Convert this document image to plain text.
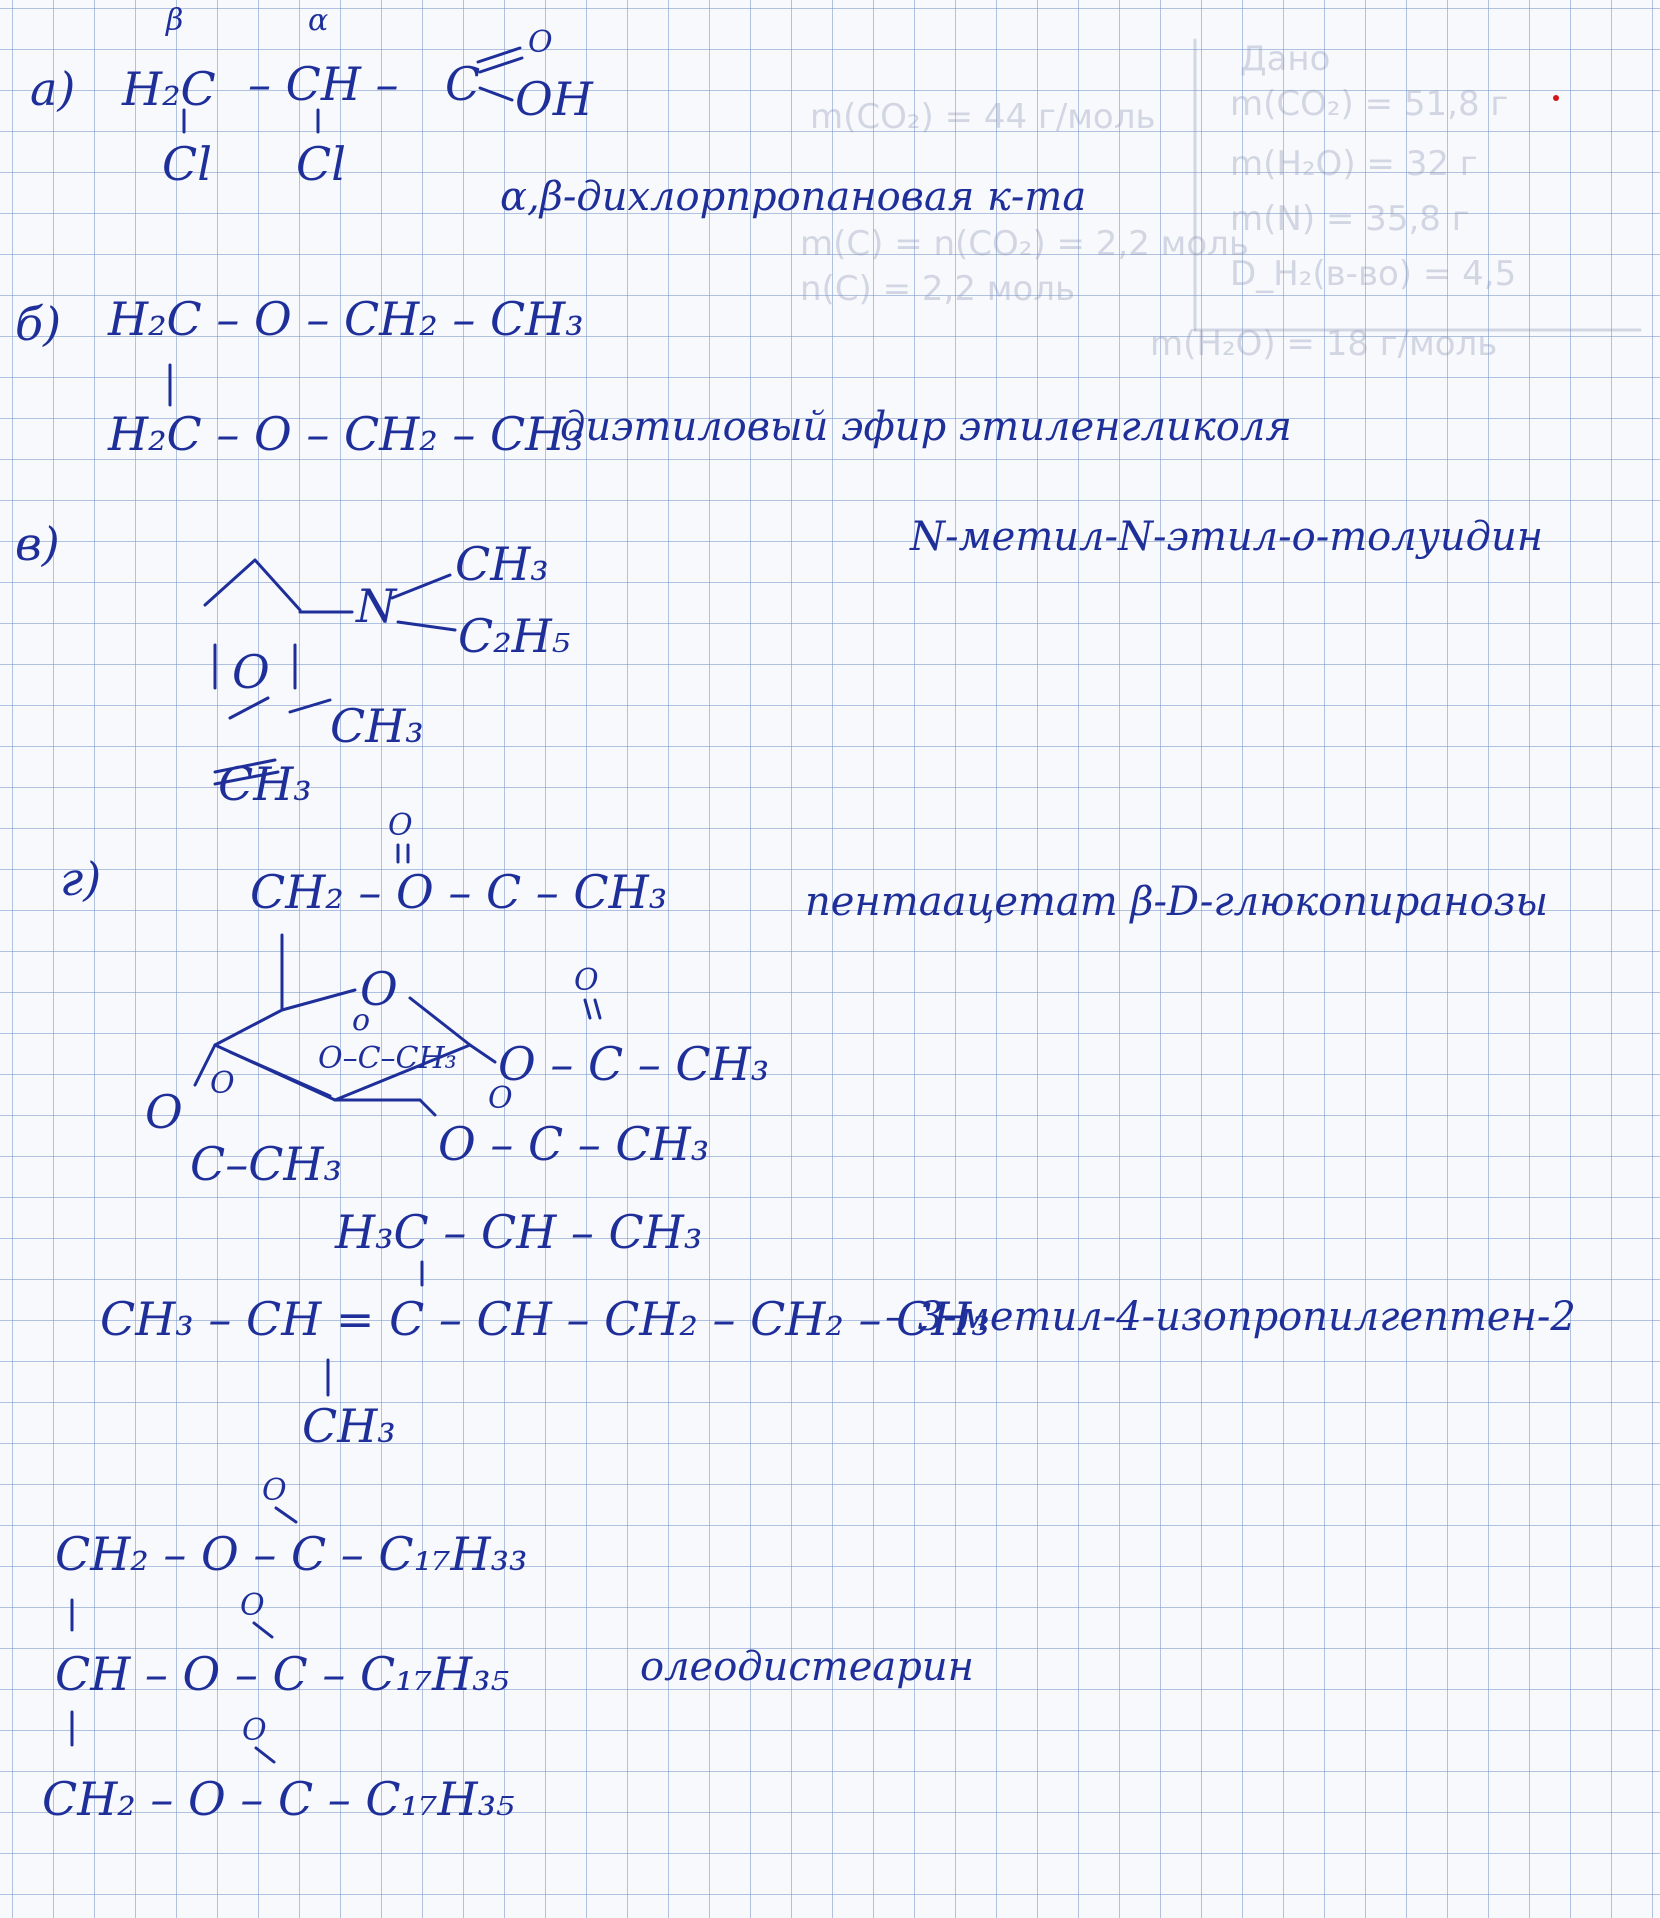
Дано
m(CO₂) = 51,8 г
m(H₂O) = 32 г
m(N) = 35,8 г
D_H₂(в-во) = 4,5
m(CO₂) = 44 г/моль
m(C) = n(CO₂) = 2,2 моль
n(C) = 2,2 моль
m(H₂O) = 18 г/моль
а)
β	α
H₂C – CH – C
O
OH
Cl Cl
α,β-дихлорпропановая к-та
б) H₂C – O – CH₂ – CH₃
H₂C – O – CH₂ – CH₃
диэтиловый эфир этиленгликоля
в)	N-метил-N-этил-о-толуидин
N
CH₃
C₂H₅
O
CH₃
CH₃
г)	пентаацетат β-D-глюкопиранозы
O
CH₂ – O – C – CH₃
O
o
O–C–CH₃
O
O – C – CH₃
O
O – C – CH₃
O
O
C–CH₃
H₃C – CH – CH₃
CH₃ – CH = C – CH – CH₂ – CH₂ – CH₃
CH₃
– 3-метил-4-изопропилгептен-2
O
CH₂ – O – C – C₁₇H₃₃
O
CH – O – C – C₁₇H₃₅
O
CH₂ – O – C – C₁₇H₃₅
олеодистеарин
